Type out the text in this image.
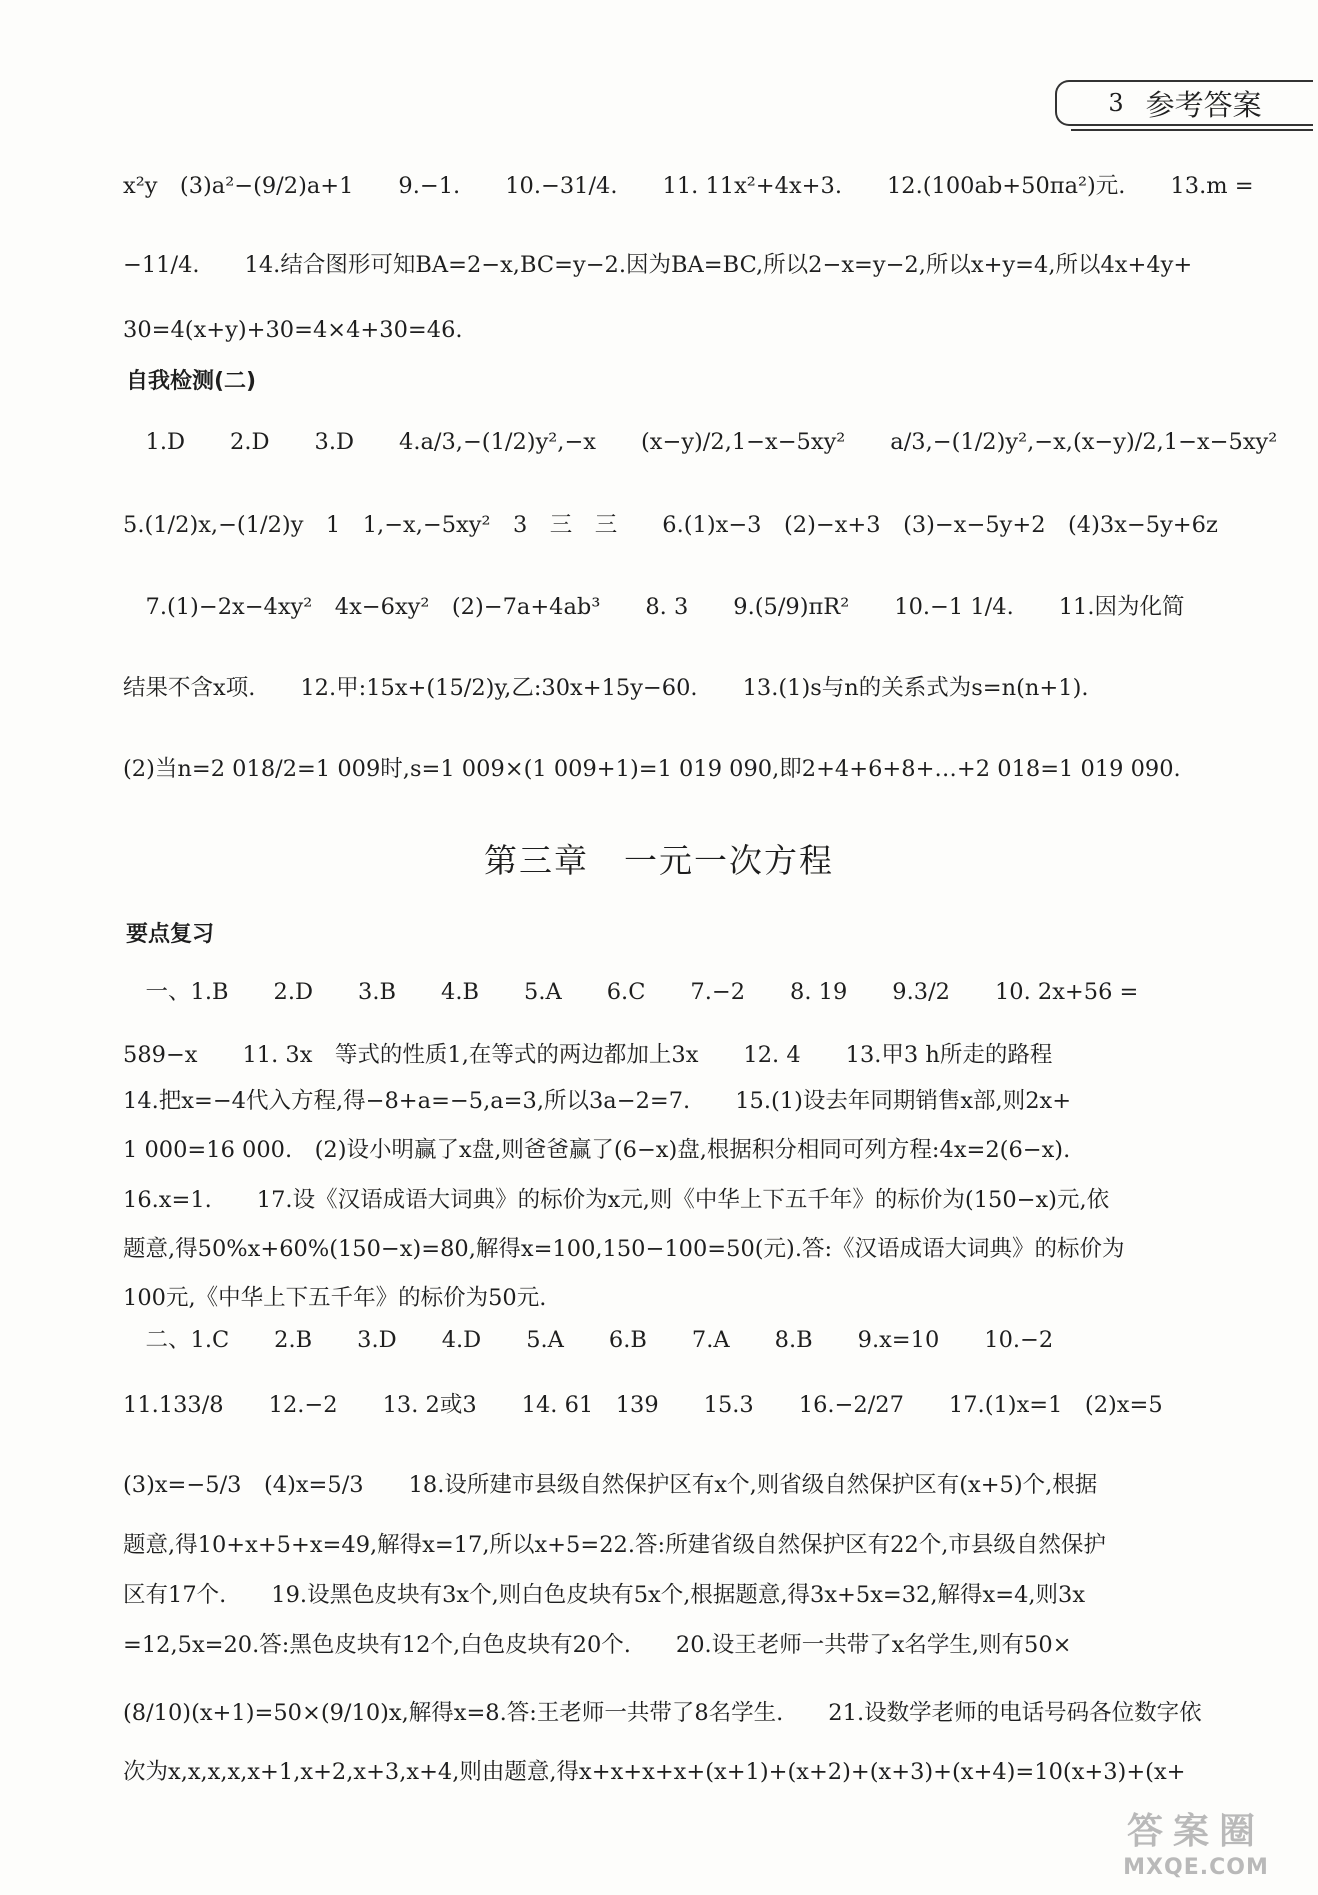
3 参考答案
x²y　(3)a²−(9/2)a+1　　9.−1.　　10.−31/4.　　11. 11x²+4x+3.　　12.(100ab+50πa²)元.　　13.m =
−11/4.　　14.结合图形可知BA=2−x,BC=y−2.因为BA=BC,所以2−x=y−2,所以x+y=4,所以4x+4y+
30=4(x+y)+30=4×4+30=46.
自我检测(二)
　1.D　　2.D　　3.D　　4.a/3,−(1/2)y²,−x　　(x−y)/2,1−x−5xy²　　a/3,−(1/2)y²,−x,(x−y)/2,1−x−5xy²
5.(1/2)x,−(1/2)y　1　1,−x,−5xy²　3　三　三　　6.(1)x−3　(2)−x+3　(3)−x−5y+2　(4)3x−5y+6z
　7.(1)−2x−4xy²　4x−6xy²　(2)−7a+4ab³　　8. 3　　9.(5/9)πR²　　10.−1 1/4.　　11.因为化简
结果不含x项.　　12.甲:15x+(15/2)y,乙:30x+15y−60.　　13.(1)s与n的关系式为s=n(n+1).
(2)当n=2 018/2=1 009时,s=1 009×(1 009+1)=1 019 090,即2+4+6+8+…+2 018=1 019 090.
第三章　一元一次方程
要点复习
　一、1.B　　2.D　　3.B　　4.B　　5.A　　6.C　　7.−2　　8. 19　　9.3/2　　10. 2x+56 =
589−x　　11. 3x　等式的性质1,在等式的两边都加上3x　　12. 4　　13.甲3 h所走的路程
14.把x=−4代入方程,得−8+a=−5,a=3,所以3a−2=7.　　15.(1)设去年同期销售x部,则2x+
1 000=16 000.　(2)设小明赢了x盘,则爸爸赢了(6−x)盘,根据积分相同可列方程:4x=2(6−x).
16.x=1.　　17.设《汉语成语大词典》的标价为x元,则《中华上下五千年》的标价为(150−x)元,依
题意,得50%x+60%(150−x)=80,解得x=100,150−100=50(元).答:《汉语成语大词典》的标价为
100元,《中华上下五千年》的标价为50元.
　二、1.C　　2.B　　3.D　　4.D　　5.A　　6.B　　7.A　　8.B　　9.x=10　　10.−2
11.133/8　　12.−2　　13. 2或3　　14. 61　139　　15.3　　16.−2/27　　17.(1)x=1　(2)x=5
(3)x=−5/3　(4)x=5/3　　18.设所建市县级自然保护区有x个,则省级自然保护区有(x+5)个,根据
题意,得10+x+5+x=49,解得x=17,所以x+5=22.答:所建省级自然保护区有22个,市县级自然保护
区有17个.　　19.设黑色皮块有3x个,则白色皮块有5x个,根据题意,得3x+5x=32,解得x=4,则3x
=12,5x=20.答:黑色皮块有12个,白色皮块有20个.　　20.设王老师一共带了x名学生,则有50×
(8/10)(x+1)=50×(9/10)x,解得x=8.答:王老师一共带了8名学生.　　21.设数学老师的电话号码各位数字依
次为x,x,x,x,x+1,x+2,x+3,x+4,则由题意,得x+x+x+x+(x+1)+(x+2)+(x+3)+(x+4)=10(x+3)+(x+
答案圈
MXQE.COM
